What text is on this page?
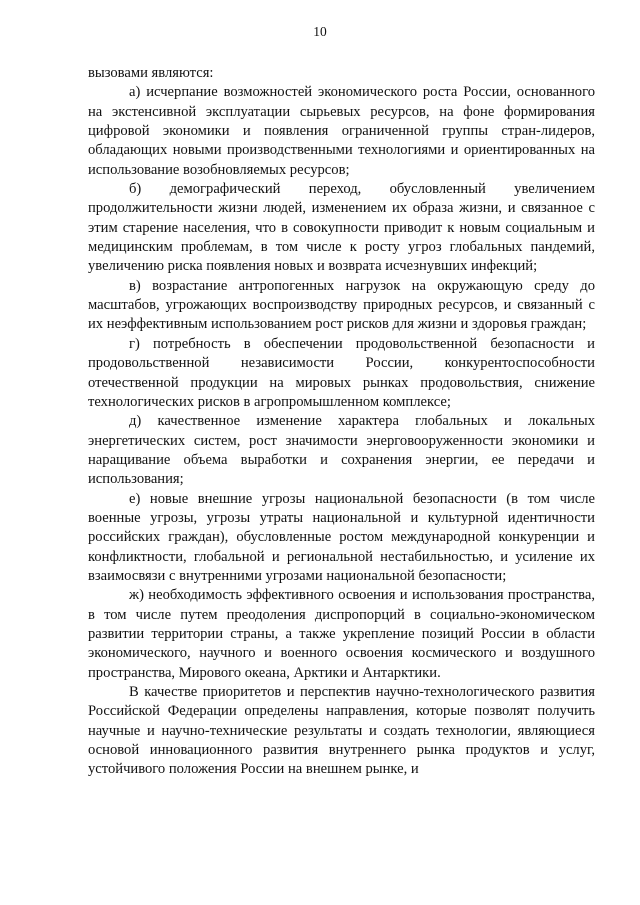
10

вызовами являются:

а) исчерпание возможностей экономического роста России, основанного на экстенсивной эксплуатации сырьевых ресурсов, на фоне формирования цифровой экономики и появления ограниченной группы стран-лидеров, обладающих новыми производственными технологиями и ориентированных на использование возобновляемых ресурсов;

б) демографический переход, обусловленный увеличением продолжительности жизни людей, изменением их образа жизни, и связанное с этим старение населения, что в совокупности приводит к новым социальным и медицинским проблемам, в том числе к росту угроз глобальных пандемий, увеличению риска появления новых и возврата исчезнувших инфекций;

в) возрастание антропогенных нагрузок на окружающую среду до масштабов, угрожающих воспроизводству природных ресурсов, и связанный с их неэффективным использованием рост рисков для жизни и здоровья граждан;

г) потребность в обеспечении продовольственной безопасности и продовольственной независимости России, конкурентоспособности отечественной продукции на мировых рынках продовольствия, снижение технологических рисков в агропромышленном комплексе;

д) качественное изменение характера глобальных и локальных энергетических систем, рост значимости энерговооруженности экономики и наращивание объема выработки и сохранения энергии, ее передачи и использования;

е) новые внешние угрозы национальной безопасности (в том числе военные угрозы, угрозы утраты национальной и культурной идентичности российских граждан), обусловленные ростом международной конкуренции и конфликтности, глобальной и региональной нестабильностью, и усиление их взаимосвязи с внутренними угрозами национальной безопасности;

ж) необходимость эффективного освоения и использования пространства, в том числе путем преодоления диспропорций в социально-экономическом развитии территории страны, а также укрепление позиций России в области экономического, научного и военного освоения космического и воздушного пространства, Мирового океана, Арктики и Антарктики.

В качестве приоритетов и перспектив научно-технологического развития Российской Федерации определены направления, которые позволят получить научные и научно-технические результаты и создать технологии, являющиеся основой инновационного развития внутреннего рынка продуктов и услуг, устойчивого положения России на внешнем рынке, и
